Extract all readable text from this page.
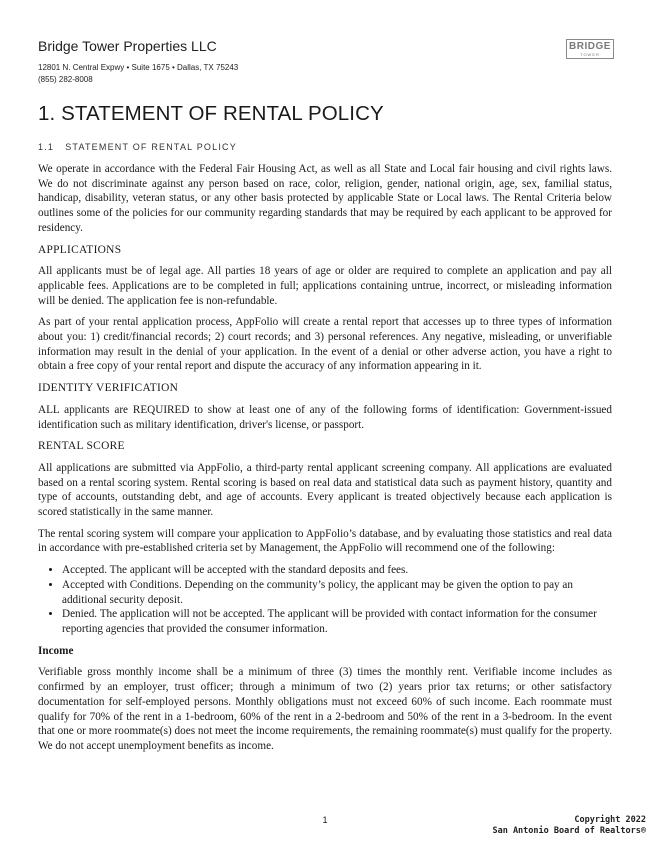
Bridge Tower Properties LLC
12801 N. Central Expwy • Suite 1675 • Dallas, TX 75243
(855) 282-8008
BRIDGE
TOWER
1. STATEMENT OF RENTAL POLICY
1.1   STATEMENT OF RENTAL POLICY

We operate in accordance with the Federal Fair Housing Act, as well as all State and Local fair housing and civil rights laws. We do not discriminate against any person based on race, color, religion, gender, national origin, age, sex, familial status, handicap, disability, veteran status, or any other basis protected by applicable State or Local laws. The Rental Criteria below outlines some of the policies for our community regarding standards that may be required by each applicant to be approved for residency.

APPLICATIONS

All applicants must be of legal age. All parties 18 years of age or older are required to complete an application and pay all applicable fees. Applications are to be completed in full; applications containing untrue, incorrect, or misleading information will be denied. The application fee is non-refundable.

As part of your rental application process, AppFolio will create a rental report that accesses up to three types of information about you: 1) credit/financial records; 2) court records; and 3) personal references. Any negative, misleading, or unverifiable information may result in the denial of your application. In the event of a denial or other adverse action, you have a right to obtain a free copy of your rental report and dispute the accuracy of any information appearing in it.

IDENTITY VERIFICATION

ALL applicants are REQUIRED to show at least one of any of the following forms of identification: Government-issued identification such as military identification, driver's license, or passport.

RENTAL SCORE

All applications are submitted via AppFolio, a third-party rental applicant screening company. All applications are evaluated based on a rental scoring system. Rental scoring is based on real data and statistical data such as payment history, quantity and type of accounts, outstanding debt, and age of accounts. Every applicant is treated objectively because each application is scored statistically in the same manner.

The rental scoring system will compare your application to AppFolio’s database, and by evaluating those statistics and real data in accordance with pre-established criteria set by Management, the AppFolio will recommend one of the following:

• Accepted. The applicant will be accepted with the standard deposits and fees.
• Accepted with Conditions. Depending on the community’s policy, the applicant may be given the option to pay an additional security deposit.
• Denied. The application will not be accepted. The applicant will be provided with contact information for the consumer reporting agencies that provided the consumer information.
Income

Verifiable gross monthly income shall be a minimum of three (3) times the monthly rent. Verifiable income includes as confirmed by an employer, trust officer; through a minimum of two (2) years prior tax returns; or other satisfactory documentation for self-employed persons. Monthly obligations must not exceed 60% of such income. Each roommate must qualify for 70% of the rent in a 1-bedroom, 60% of the rent in a 2-bedroom and 50% of the rent in a 3-bedroom. In the event that one or more roommate(s) does not meet the income requirements, the remaining roommate(s) must qualify for the property. We do not accept unemployment benefits as income.

1	Copyright 2022
San Antonio Board of Realtors®
